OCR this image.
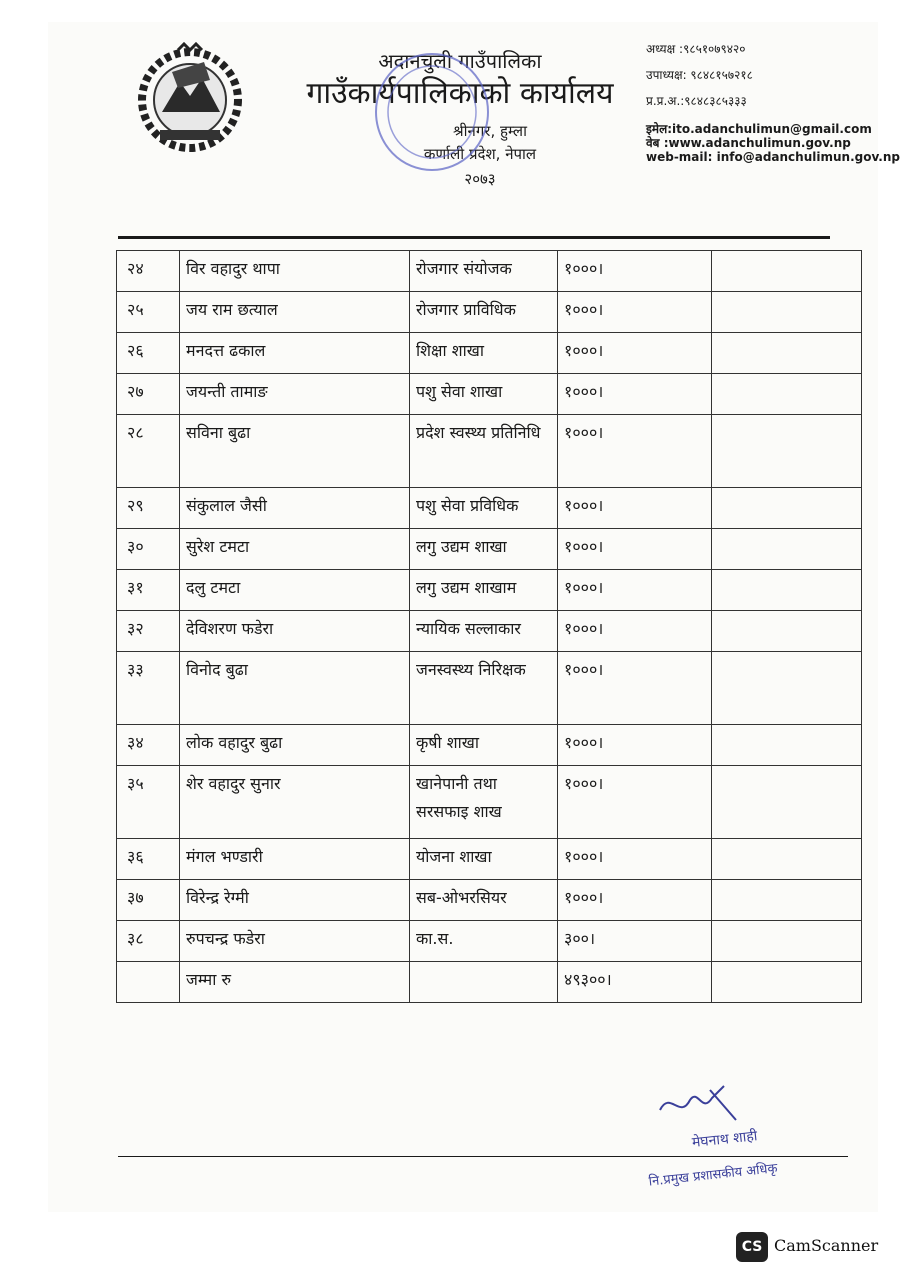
अदानचुली गाउँपालिका
गाउँकार्यपालिकाको कार्यालय
श्रीनगर, हुम्ला
कर्णाली प्रदेश, नेपाल
२०७३
अध्यक्ष :९८५१०७९४२०
उपाध्यक्ष: ९८४८१५७२१८
प्र.प्र.अ.:९८४८३८५३३३
इमेल:ito.adanchulimun@gmail.com
वेब :www.adanchulimun.gov.np
web-mail: info@adanchulimun.gov.np
२४	विर वहादुर थापा	रोजगार संयोजक	१०००।	
२५	जय राम छत्याल	रोजगार प्राविधिक	१०००।	
२६	मनदत्त ढकाल	शिक्षा शाखा	१०००।	
२७	जयन्ती तामाङ	पशु सेवा शाखा	१०००।	
२८	सविना बुढा	प्रदेश स्वस्थ्य प्रतिनिधि	१०००।	
२९	संकुलाल जैसी	पशु सेवा प्रविधिक	१०००।	
३०	सुरेश टमटा	लगु उद्यम शाखा	१०००।	
३१	दलु टमटा	लगु उद्यम शाखाम	१०००।	
३२	देविशरण फडेरा	न्यायिक सल्लाकार	१०००।	
३३	विनोद बुढा	जनस्वस्थ्य निरिक्षक	१०००।	
३४	लोक वहादुर बुढा	कृषी शाखा	१०००।	
३५	शेर वहादुर सुनार	खानेपानी तथा सरसफाइ शाख	१०००।	
३६	मंगल भण्डारी	योजना शाखा	१०००।	
३७	विरेन्द्र रेग्मी	सब-ओभरसियर	१०००।	
३८	रुपचन्द्र फडेरा	का.स.	३००।	
	जम्मा रु		४९३००।	
मेघनाथ शाही
नि.प्रमुख प्रशासकीय अधिकृ
CS CamScanner
